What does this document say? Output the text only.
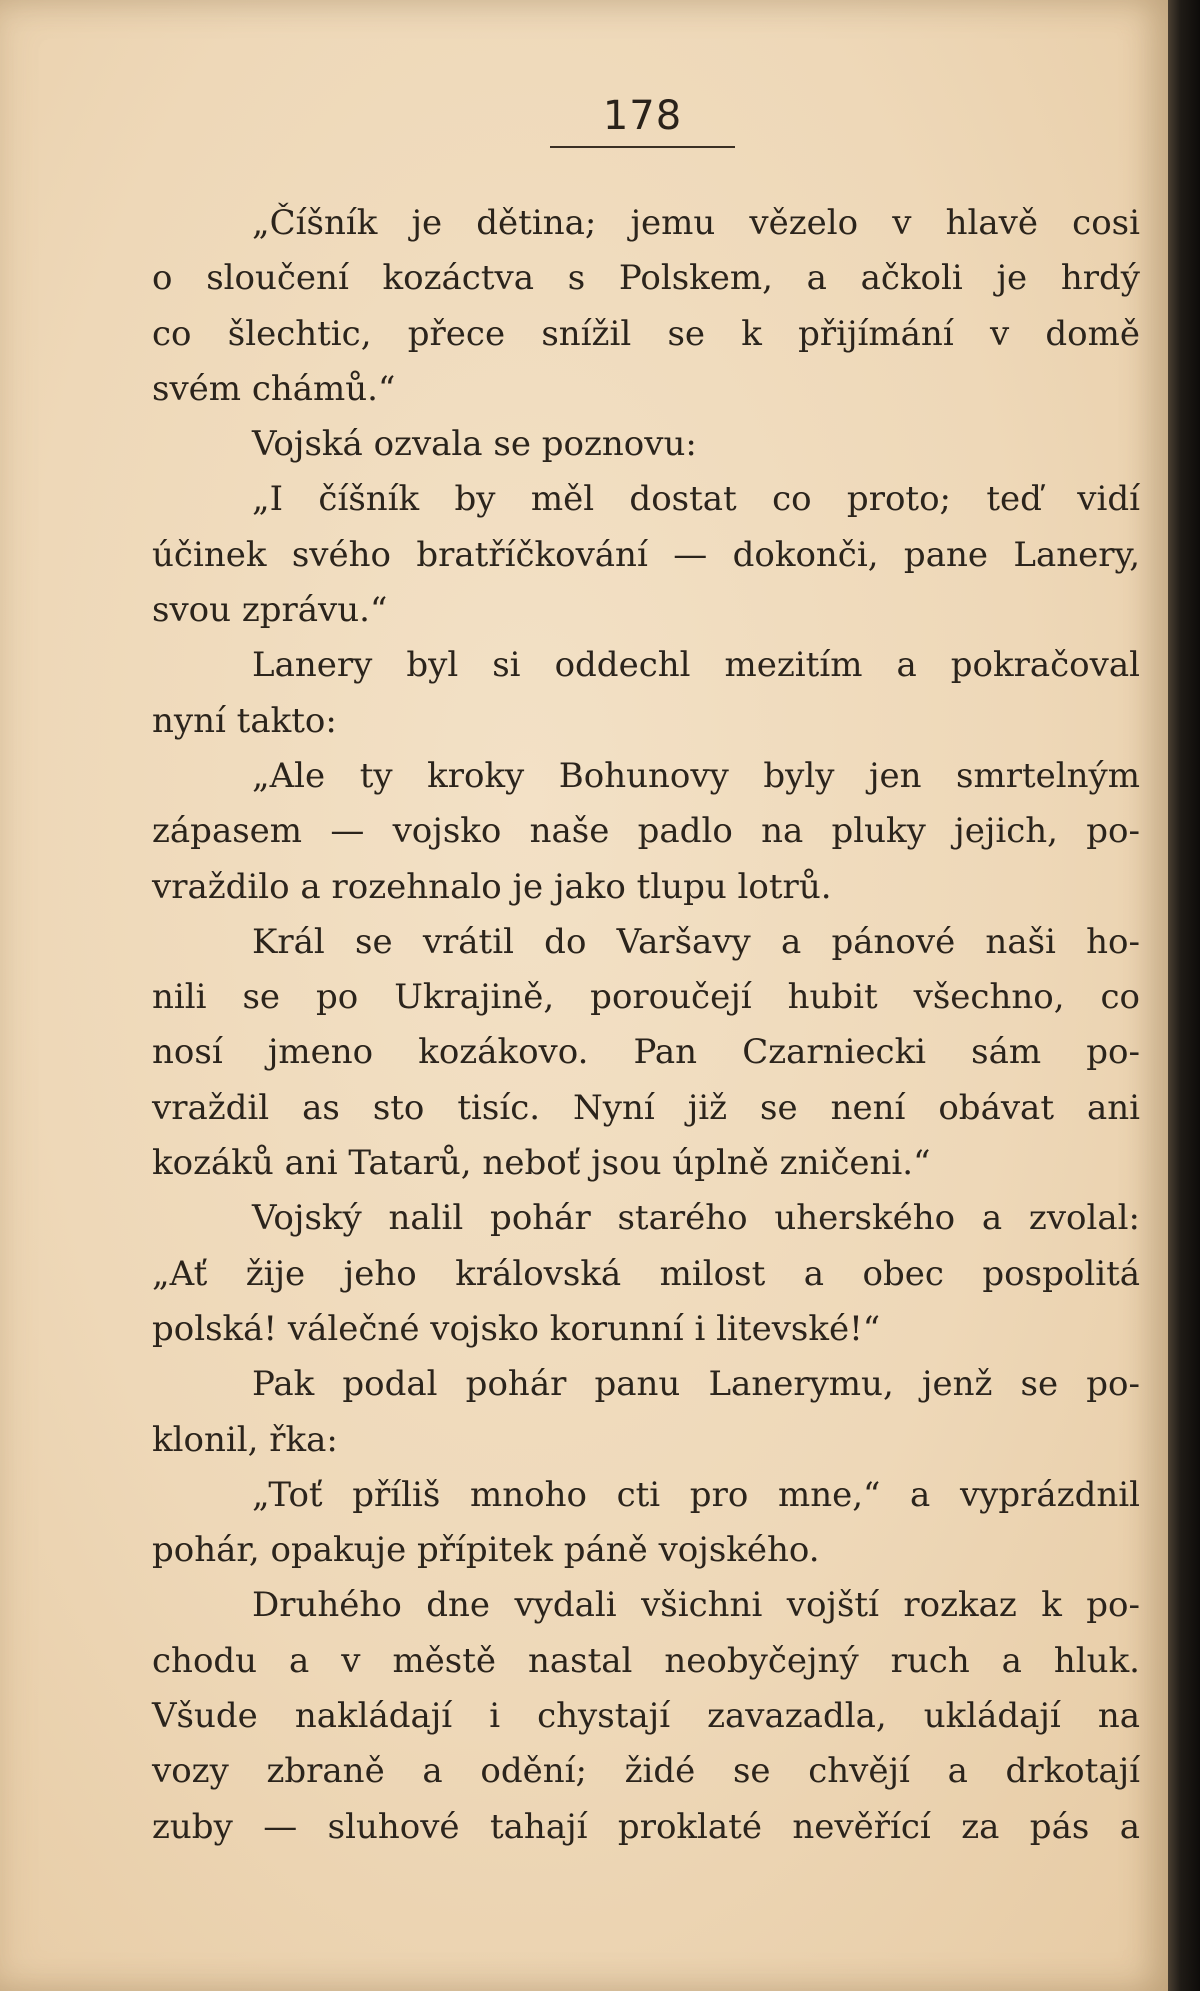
178
„Číšník je dětina; jemu vězelo v hlavě cosi
o sloučení kozáctva s Polskem, a ačkoli je hrdý
co šlechtic, přece snížil se k přijímání v domě
svém chámů.“
Vojská ozvala se poznovu:
„I číšník by měl dostat co proto; teď vidí
účinek svého bratříčkování — dokonči, pane Lanery,
svou zprávu.“
Lanery byl si oddechl mezitím a pokračoval
nyní takto:
„Ale ty kroky Bohunovy byly jen smrtelným
zápasem — vojsko naše padlo na pluky jejich, po-
vraždilo a rozehnalo je jako tlupu lotrů.
Král se vrátil do Varšavy a pánové naši ho-
nili se po Ukrajině, poroučejí hubit všechno, co
nosí jmeno kozákovo. Pan Czarniecki sám po-
vraždil as sto tisíc. Nyní již se není obávat ani
kozáků ani Tatarů, neboť jsou úplně zničeni.“
Vojský nalil pohár starého uherského a zvolal:
„Ať žije jeho královská milost a obec pospolitá
polská! válečné vojsko korunní i litevské!“
Pak podal pohár panu Lanerymu, jenž se po-
klonil, řka:
„Toť příliš mnoho cti pro mne,“ a vyprázdnil
pohár, opakuje přípitek páně vojského.
Druhého dne vydali všichni vojští rozkaz k po-
chodu a v městě nastal neobyčejný ruch a hluk.
Všude nakládají i chystají zavazadla, ukládají na
vozy zbraně a odění; židé se chvějí a drkotají
zuby — sluhové tahají proklaté nevěřící za pás a
